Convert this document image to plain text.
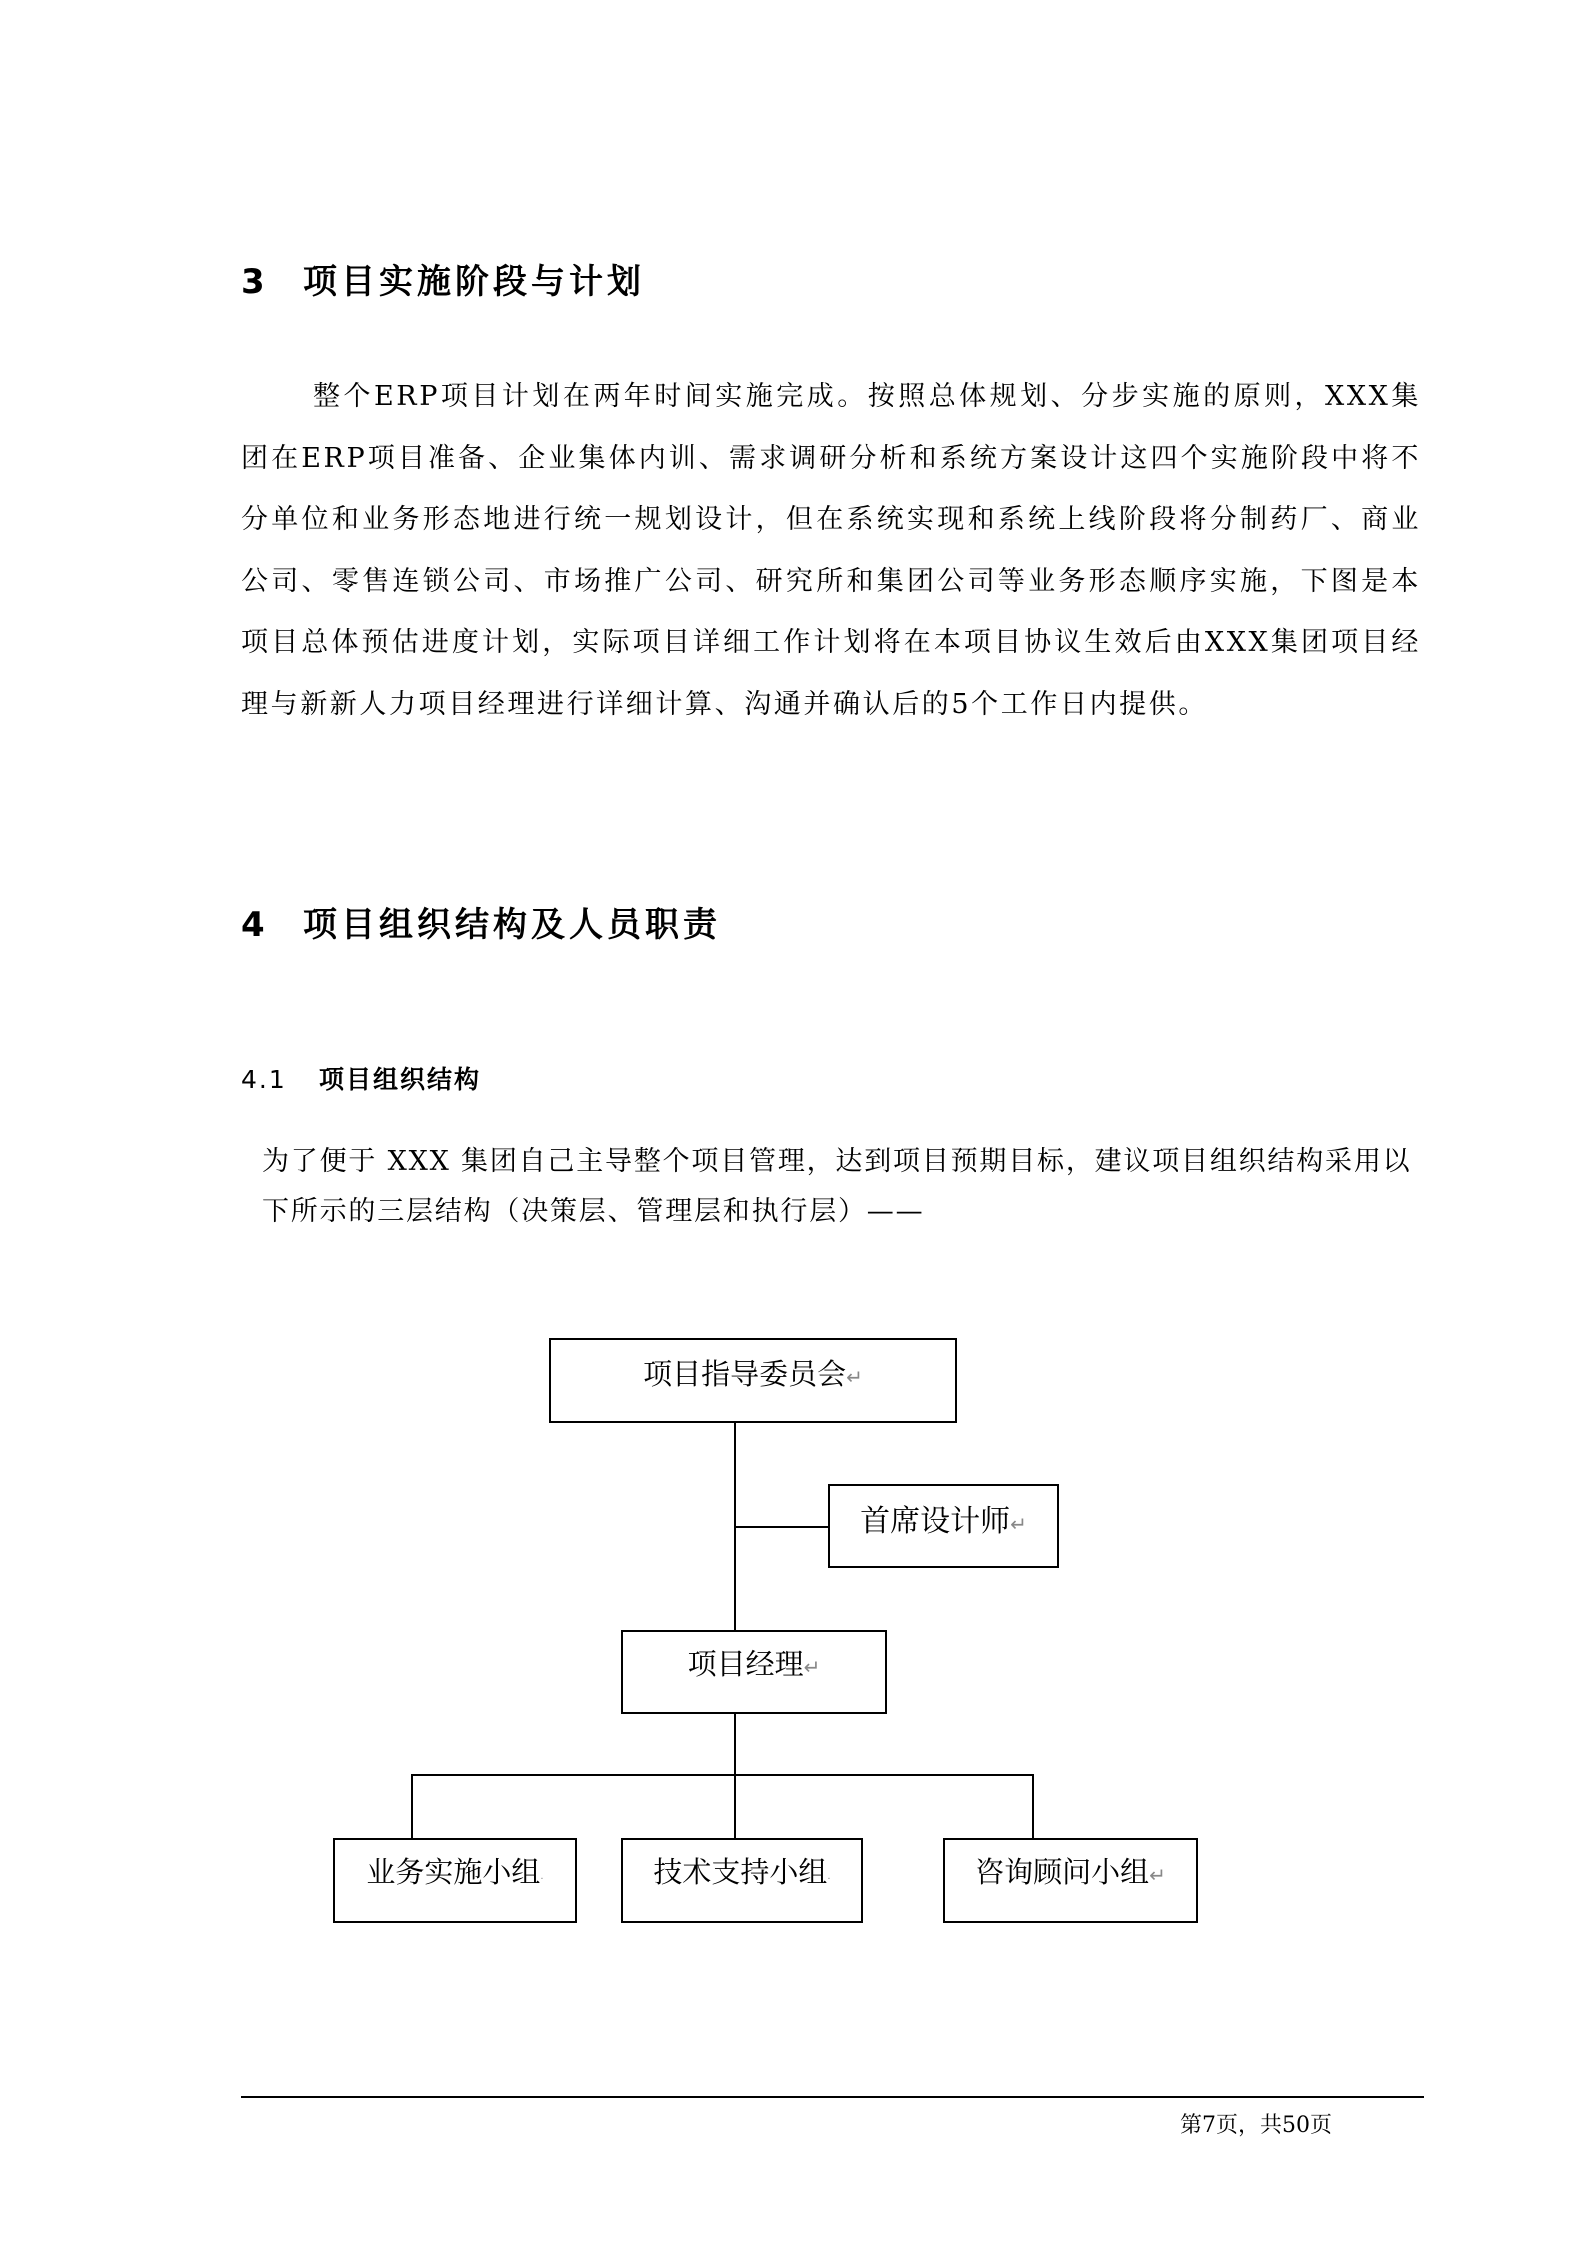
3 项目实施阶段与计划
整个ERP项目计划在两年时间实施完成。按照总体规划、分步实施的原则，XXX集团在ERP项目准备、企业集体内训、需求调研分析和系统方案设计这四个实施阶段中将不分单位和业务形态地进行统一规划设计，但在系统实现和系统上线阶段将分制药厂、商业公司、零售连锁公司、市场推广公司、研究所和集团公司等业务形态顺序实施，下图是本项目总体预估进度计划，实际项目详细工作计划将在本项目协议生效后由XXX集团项目经理与新新人力项目经理进行详细计算、沟通并确认后的5个工作日内提供。
4 项目组织结构及人员职责
4.1 项目组织结构
为了便于 XXX 集团自己主导整个项目管理，达到项目预期目标，建议项目组织结构采用以下所示的三层结构（决策层、管理层和执行层）——
项目指导委员会↵
首席设计师↵
项目经理↵
业务实施小组·	技术支持小组·	咨询顾问小组↵
第7页，共50页
